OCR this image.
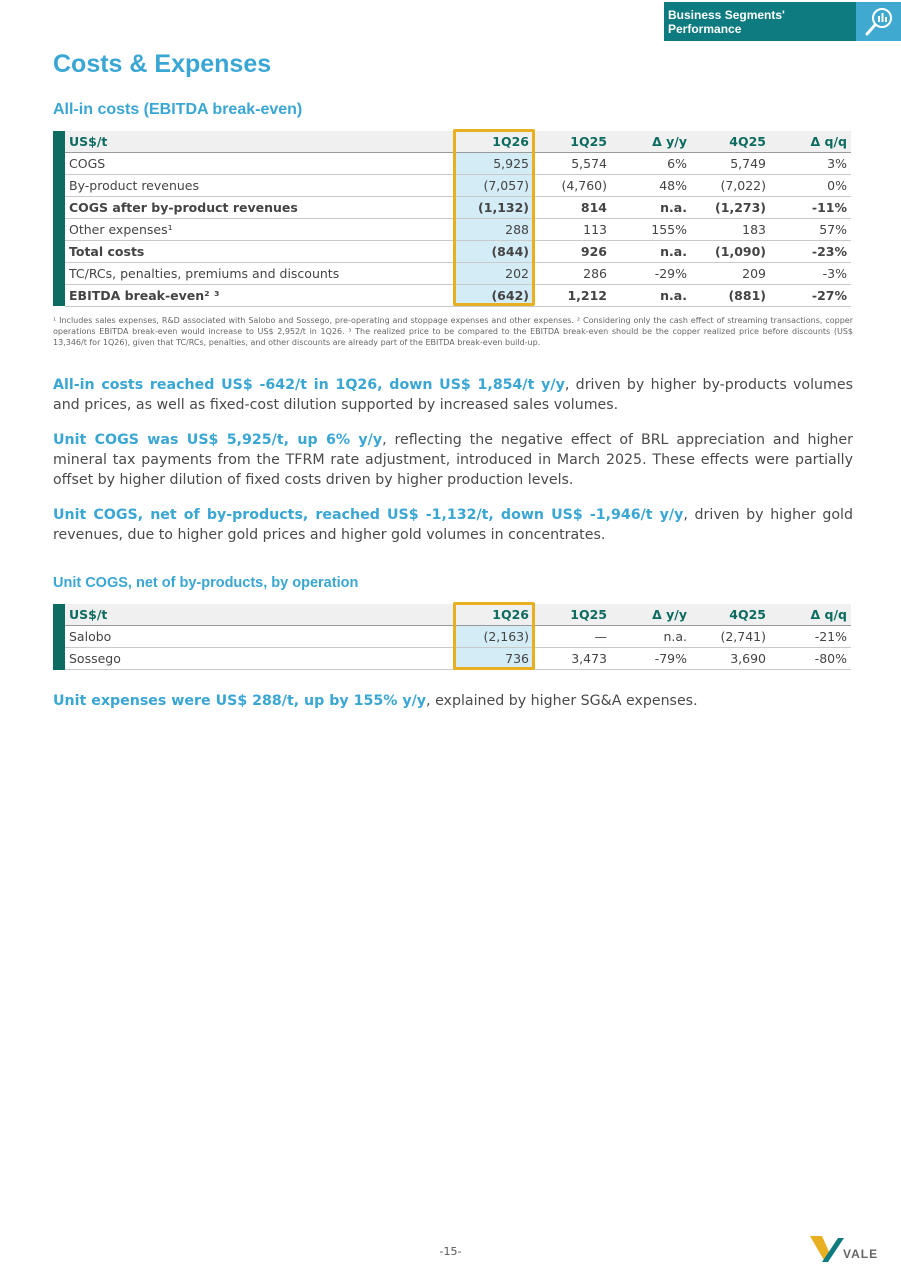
Business Segments' Performance
Costs & Expenses
All-in costs (EBITDA break-even)
US$/t	1Q26	1Q25	Δ y/y	4Q25	Δ q/q
COGS	5,925	5,574	6%	5,749	3%
By-product revenues	(7,057)	(4,760)	48%	(7,022)	0%
COGS after by-product revenues	(1,132)	814	n.a.	(1,273)	-11%
Other expenses¹	288	113	155%	183	57%
Total costs	(844)	926	n.a.	(1,090)	-23%
TC/RCs, penalties, premiums and discounts	202	286	-29%	209	-3%
EBITDA break-even² ³	(642)	1,212	n.a.	(881)	-27%

¹ Includes sales expenses, R&D associated with Salobo and Sossego, pre-operating and stoppage expenses and other expenses. ² Considering only the cash effect of streaming transactions, copper operations EBITDA break-even would increase to US$ 2,952/t in 1Q26. ³ The realized price to be compared to the EBITDA break-even should be the copper realized price before discounts (US$ 13,346/t for 1Q26), given that TC/RCs, penalties, and other discounts are already part of the EBITDA break-even build-up.

All-in costs reached US$ -642/t in 1Q26, down US$ 1,854/t y/y, driven by higher by-products volumes and prices, as well as fixed-cost dilution supported by increased sales volumes.

Unit COGS was US$ 5,925/t, up 6% y/y, reflecting the negative effect of BRL appreciation and higher mineral tax payments from the TFRM rate adjustment, introduced in March 2025. These effects were partially offset by higher dilution of fixed costs driven by higher production levels.

Unit COGS, net of by-products, reached US$ -1,132/t, down US$ -1,946/t y/y, driven by higher gold revenues, due to higher gold prices and higher gold volumes in concentrates.

Unit COGS, net of by-products, by operation
US$/t	1Q26	1Q25	Δ y/y	4Q25	Δ q/q
Salobo	(2,163)	—	n.a.	(2,741)	-21%
Sossego	736	3,473	-79%	3,690	-80%

Unit expenses were US$ 288/t, up by 155% y/y, explained by higher SG&A expenses.

-15-	VALE
